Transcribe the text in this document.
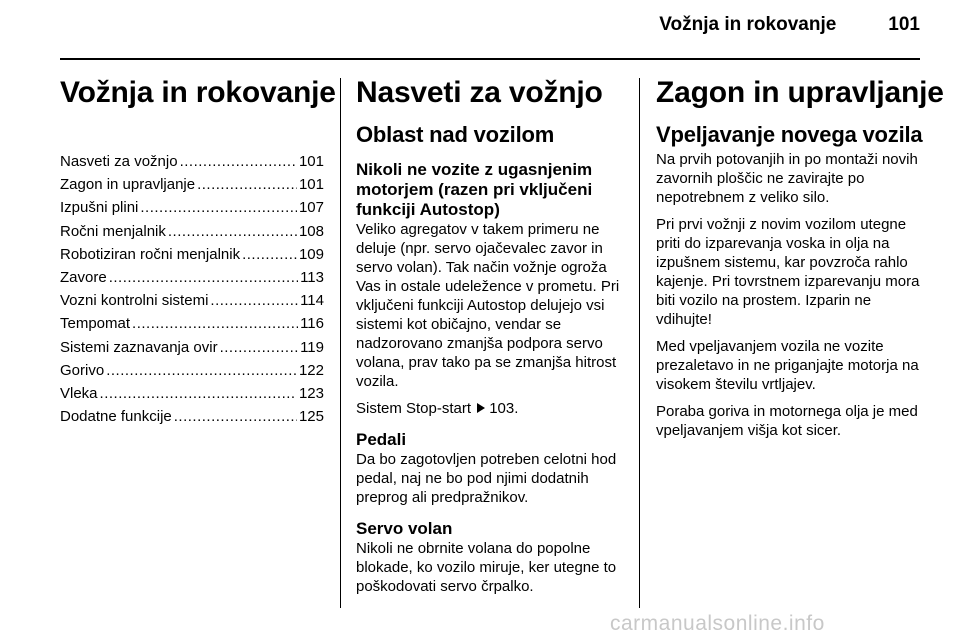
Vožnja in rokovanje	101
Vožnja in rokovanje
Nasveti za vožnjo .....	101
Zagon in upravljanje .....	101
Izpušni plini .....	107
Ročni menjalnik .....	108
Robotiziran ročni menjalnik .....	109
Zavore .....	113
Vozni kontrolni sistemi .....	114
Tempomat .....	116
Sistemi zaznavanja ovir .....	119
Gorivo .....	122
Vleka .....	123
Dodatne funkcije .....	125
Nasveti za vožnjo
Oblast nad vozilom
Nikoli ne vozite z ugasnjenim motorjem (razen pri vključeni funkciji Autostop)

Veliko agregatov v takem primeru ne deluje (npr. servo ojačevalec zavor in servo volan). Tak način vožnje ogroža Vas in ostale udeležence v prometu. Pri vključeni funkciji Autostop delujejo vsi sistemi kot običajno, vendar se nadzorovano zmanjša podpora servo volana, prav tako pa se zmanjša hitrost vozila.

Sistem Stop-start 103.

Pedali

Da bo zagotovljen potreben celotni hod pedal, naj ne bo pod njimi dodatnih preprog ali predpražnikov.

Servo volan

Nikoli ne obrnite volana do popolne blokade, ko vozilo miruje, ker utegne to poškodovati servo črpalko.

Zagon in upravljanje
Vpeljavanje novega vozila

Na prvih potovanjih in po montaži novih zavornih ploščic ne zavirajte po nepotrebnem z veliko silo.

Pri prvi vožnji z novim vozilom utegne priti do izparevanja voska in olja na izpušnem sistemu, kar povzroča rahlo kajenje. Pri tovrstnem izparevanju mora biti vozilo na prostem. Izparin ne vdihujte!

Med vpeljavanjem vozila ne vozite prezaletavo in ne priganjajte motorja na visokem številu vrtljajev.

Poraba goriva in motornega olja je med vpeljavanjem višja kot sicer.

carmanualsonline.info
